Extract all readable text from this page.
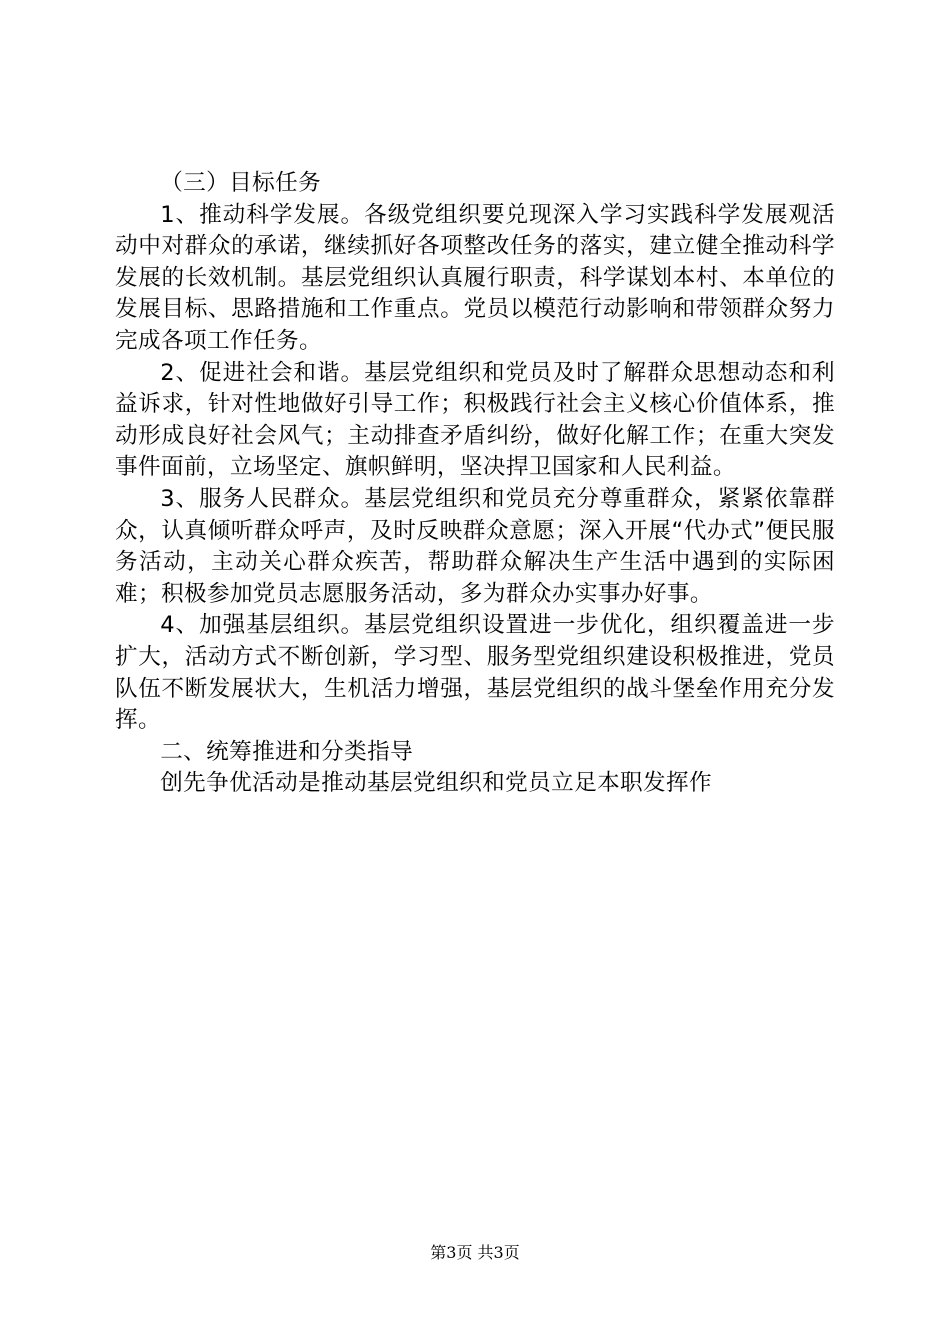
（三）目标任务

1、推动科学发展。各级党组织要兑现深入学习实践科学发展观活动中对群众的承诺，继续抓好各项整改任务的落实，建立健全推动科学发展的长效机制。基层党组织认真履行职责，科学谋划本村、本单位的发展目标、思路措施和工作重点。党员以模范行动影响和带领群众努力完成各项工作任务。

2、促进社会和谐。基层党组织和党员及时了解群众思想动态和利益诉求，针对性地做好引导工作；积极践行社会主义核心价值体系，推动形成良好社会风气；主动排查矛盾纠纷，做好化解工作；在重大突发事件面前，立场坚定、旗帜鲜明，坚决捍卫国家和人民利益。

3、服务人民群众。基层党组织和党员充分尊重群众，紧紧依靠群众，认真倾听群众呼声，及时反映群众意愿；深入开展“代办式”便民服务活动，主动关心群众疾苦，帮助群众解决生产生活中遇到的实际困难；积极参加党员志愿服务活动，多为群众办实事办好事。

4、加强基层组织。基层党组织设置进一步优化，组织覆盖进一步扩大，活动方式不断创新，学习型、服务型党组织建设积极推进，党员队伍不断发展状大，生机活力增强，基层党组织的战斗堡垒作用充分发挥。

二、统筹推进和分类指导

创先争优活动是推动基层党组织和党员立足本职发挥作

第3页 共3页
